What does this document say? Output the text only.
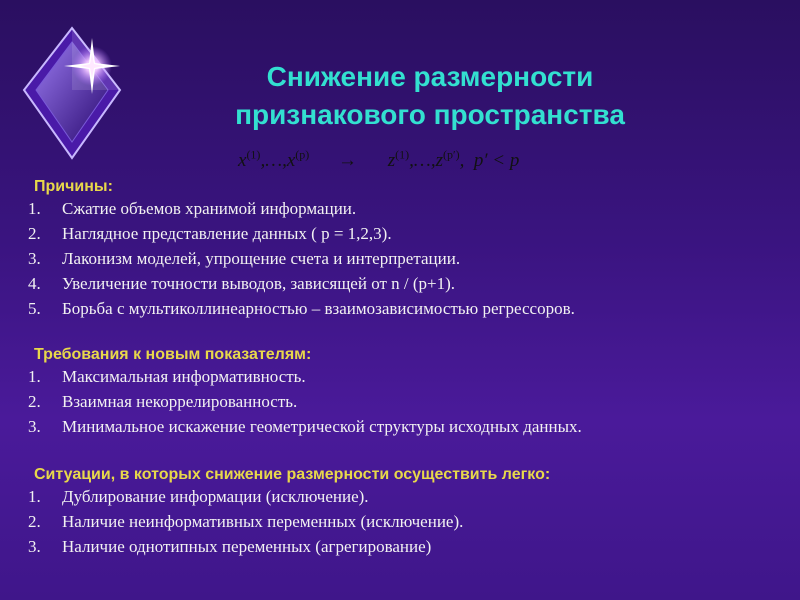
Снижение размерности
признакового пространства
$x^{(1)},\dots,x^{(p)}$ → $z^{(1)},\dots,z^{(p')}$,  p′ < p
Причины:
1. Сжатие объемов хранимой информации.
2. Наглядное представление данных ( p = 1,2,3).
3. Лаконизм моделей, упрощение счета и интерпретации.
4. Увеличение точности выводов, зависящей от n / (p+1).
5. Борьба с мультиколлинеарностью – взаимозависимостью регрессоров.
Требования к новым показателям:
1. Максимальная информативность.
2. Взаимная некоррелированность.
3. Минимальное искажение геометрической структуры исходных данных.
Ситуации, в которых снижение размерности осуществить легко:
1. Дублирование информации (исключение).
2. Наличие неинформативных переменных (исключение).
3. Наличие однотипных переменных (агрегирование)
